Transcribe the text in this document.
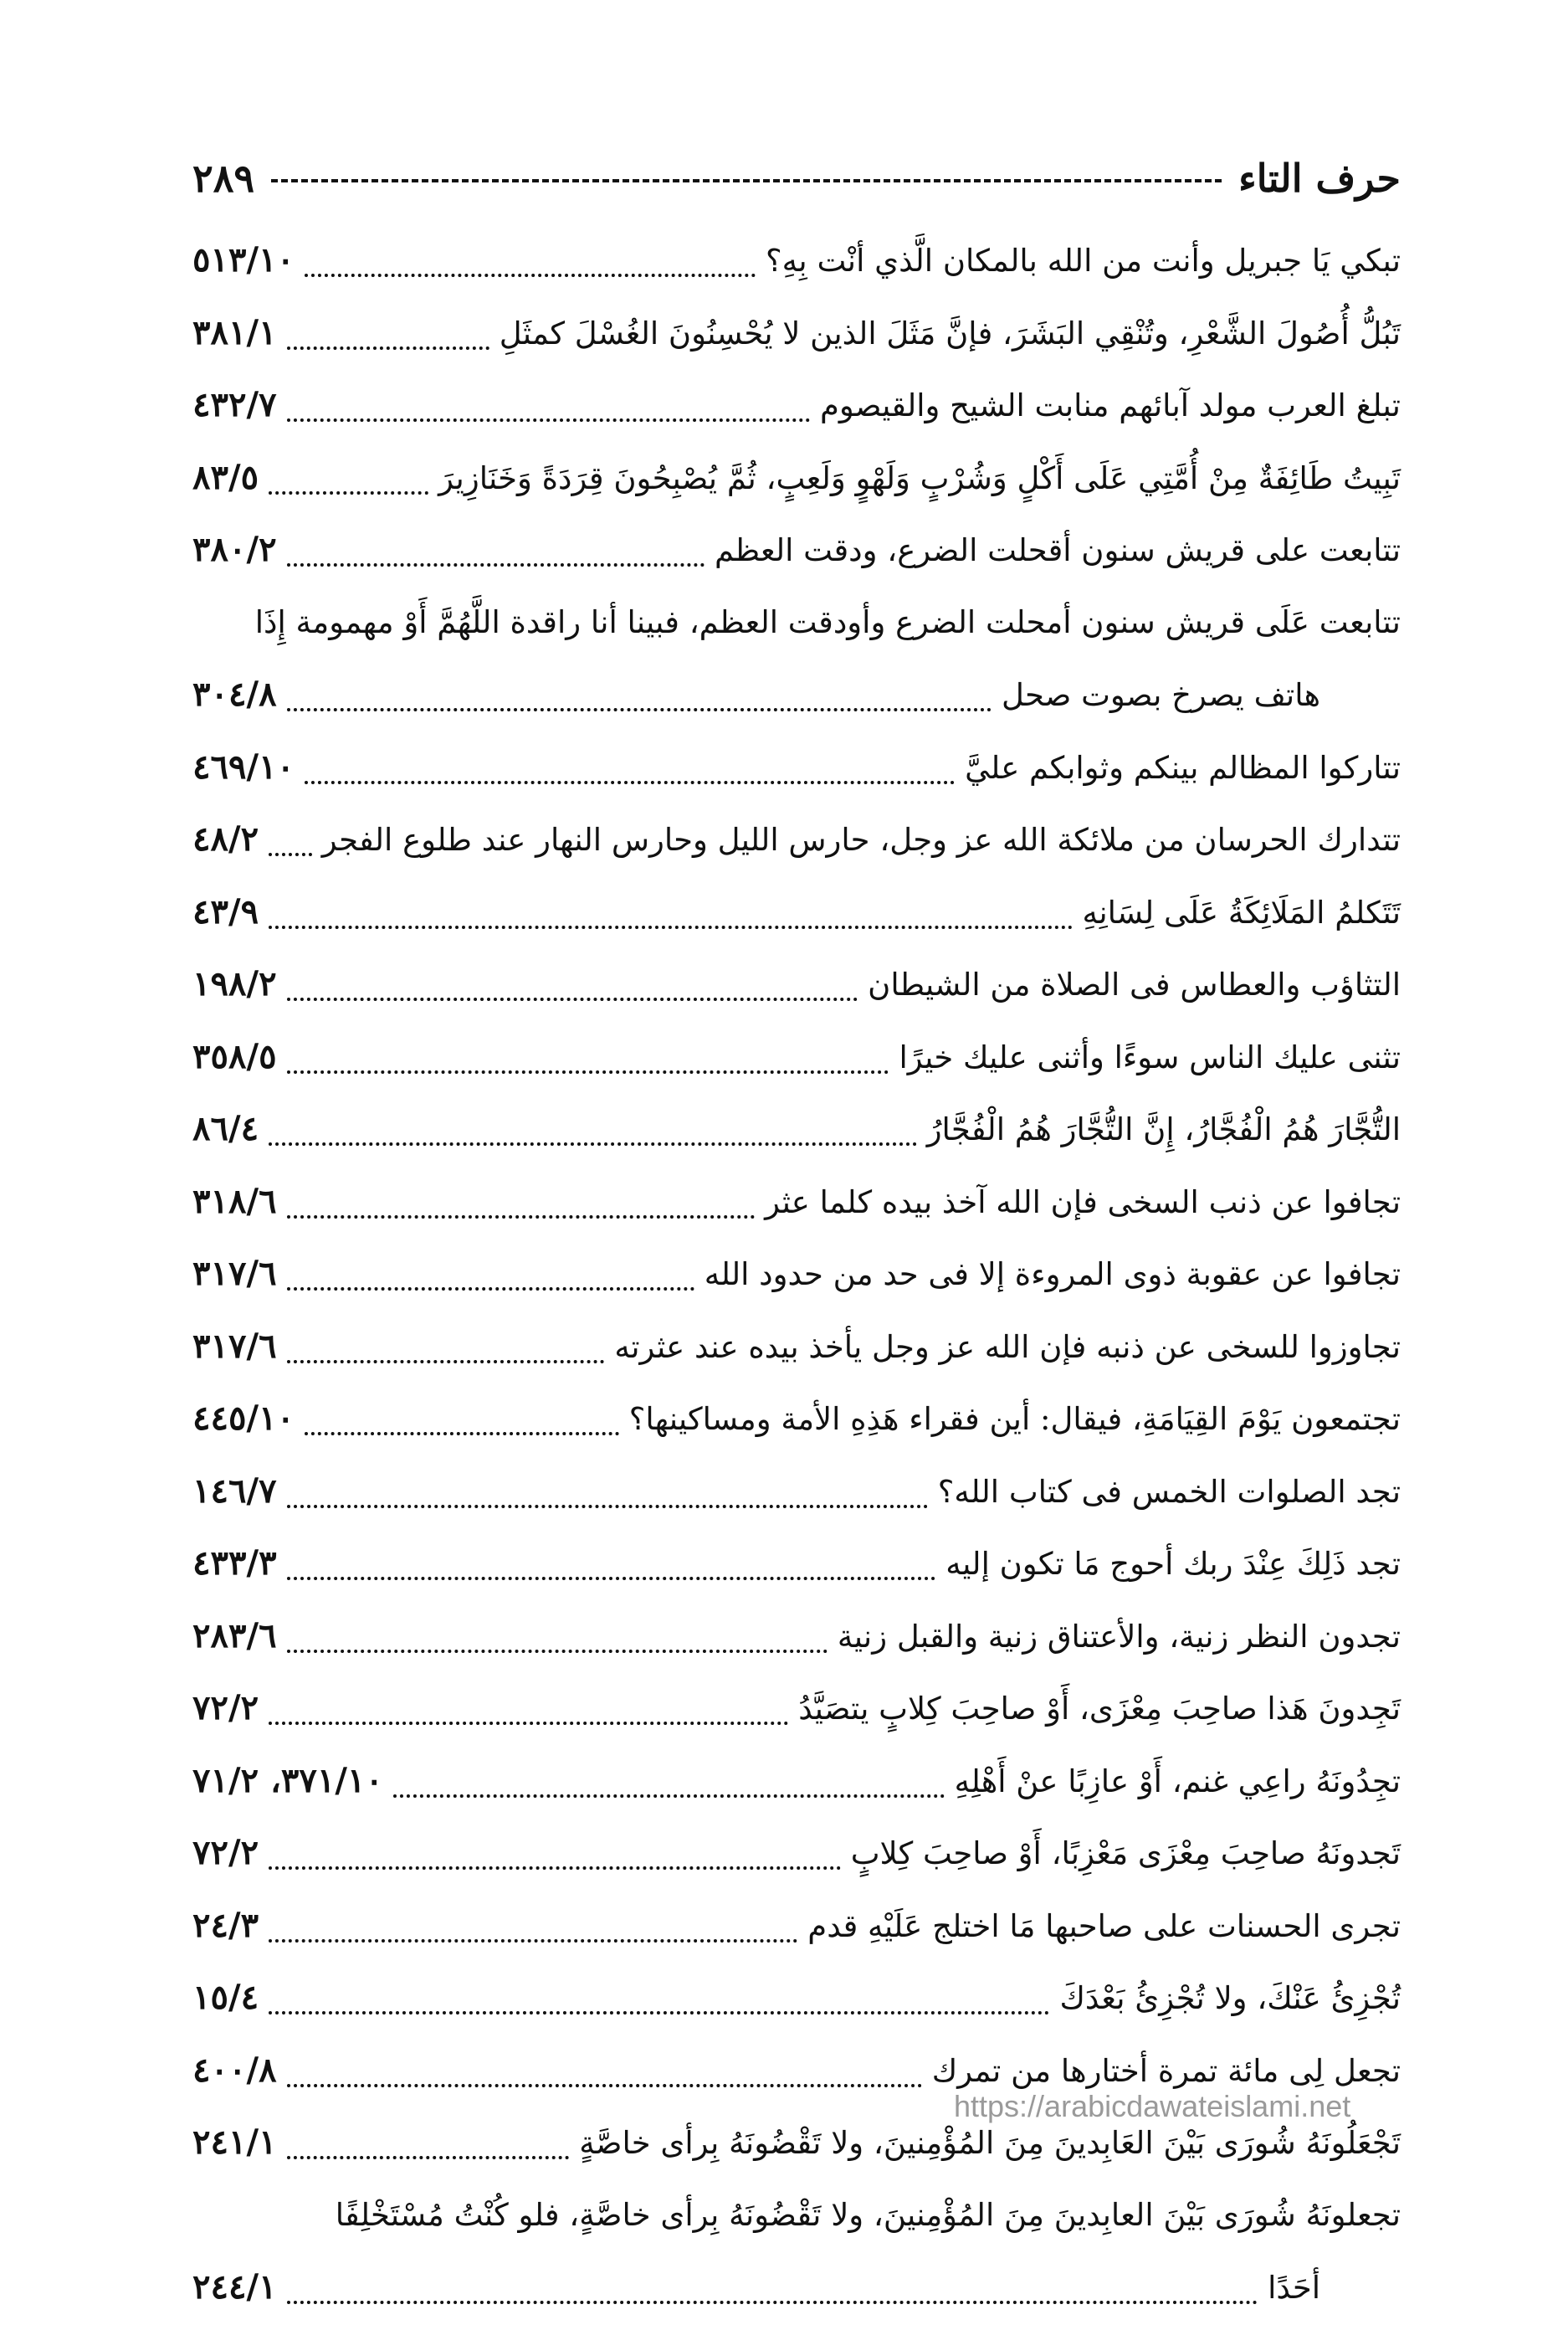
حرف التاء
٢٨٩
تبكي يَا جبريل وأنت من الله بالمكان الَّذي أنْت بِهِ؟
٥١٣/١٠
تَبُلُّ أُصُولَ الشَّعْرِ، وتُنْقِي البَشَرَ، فإنَّ مَثَلَ الذين لا يُحْسِنُونَ الغُسْلَ كمثَلِ
٣٨١/١
تبلغ العرب مولد آبائهم منابت الشيح والقيصوم
٤٣٢/٧
تَبِيتُ طَائِفَةٌ مِنْ أُمَّتِي عَلَى أَكْلٍ وَشُرْبٍ وَلَهْوٍ وَلَعِبٍ، ثُمَّ يُصْبِحُونَ قِرَدَةً وَخَنَازِيرَ
٨٣/٥
تتابعت على قريش سنون أقحلت الضرع، ودقت العظم
٣٨٠/٢
تتابعت عَلَى قريش سنون أمحلت الضرع وأودقت العظم، فبينا أنا راقدة اللَّهُمَّ أَوْ مهمومة إِذَا
هاتف يصرخ بصوت صحل
٣٠٤/٨
تتاركوا المظالم بينكم وثوابكم عليَّ
٤٦٩/١٠
تتدارك الحرسان من ملائكة الله عز وجل، حارس الليل وحارس النهار عند طلوع الفجر
٤٨/٢
تَتَكلمُ المَلَائِكَةُ عَلَى لِسَانِهِ
٤٣/٩
التثاؤب والعطاس فى الصلاة من الشيطان
١٩٨/٢
تثنى عليك الناس سوءًا وأثنى عليك خيرًا
٣٥٨/٥
التُّجَّارَ هُمُ الْفُجَّارُ، إِنَّ التُّجَّارَ هُمُ الْفُجَّارُ
٨٦/٤
تجافوا عن ذنب السخى فإن الله آخذ بيده كلما عثر
٣١٨/٦
تجافوا عن عقوبة ذوى المروءة إلا فى حد من حدود الله
٣١٧/٦
تجاوزوا للسخى عن ذنبه فإن الله عز وجل يأخذ بيده عند عثرته
٣١٧/٦
تجتمعون يَوْمَ القِيَامَةِ، فيقال: أين فقراء هَذِهِ الأمة ومساكينها؟
٤٤٥/١٠
تجد الصلوات الخمس فى كتاب الله؟
١٤٦/٧
تجد ذَلِكَ عِنْدَ ربك أحوج مَا تكون إليه
٤٣٣/٣
تجدون النظر زنية، والأعتناق زنية والقبل زنية
٢٨٣/٦
تَجِدونَ هَذا صاحِبَ مِعْزَى، أَوْ صاحِبَ كِلابٍ يتصَيَّدُ
٧٢/٢
تجِدُونَهُ راعِي غنم، أَوْ عازِبًا عنْ أَهْلِهِ
٣٧١/١٠، ٧١/٢
تَجدونَهُ صاحِبَ مِعْزَى مَعْزِبًا، أَوْ صاحِبَ كِلابٍ
٧٢/٢
تجرى الحسنات على صاحبها مَا اختلج عَلَيْهِ قدم
٢٤/٣
تُجْزِئُ عَنْكَ، ولا تُجْزِئُ بَعْدَكَ
١٥/٤
تجعل لِى مائة تمرة أختارها من تمرك
٤٠٠/٨
تَجْعَلُونَهُ شُورَى بَيْنَ العَابِدينَ مِنَ المُؤْمِنينَ، ولا تَقْضُونَهُ بِرأى خاصَّةٍ
٢٤١/١
تجعلونَهُ شُورَى بَيْنَ العابِدينَ مِنَ المُؤْمِنينَ، ولا تَقْضُونَهُ بِرأى خاصَّةٍ، فلو كُنْتُ مُسْتَخْلِفًا
أحَدًا
٢٤٤/١
https://arabicdawateislami.net
